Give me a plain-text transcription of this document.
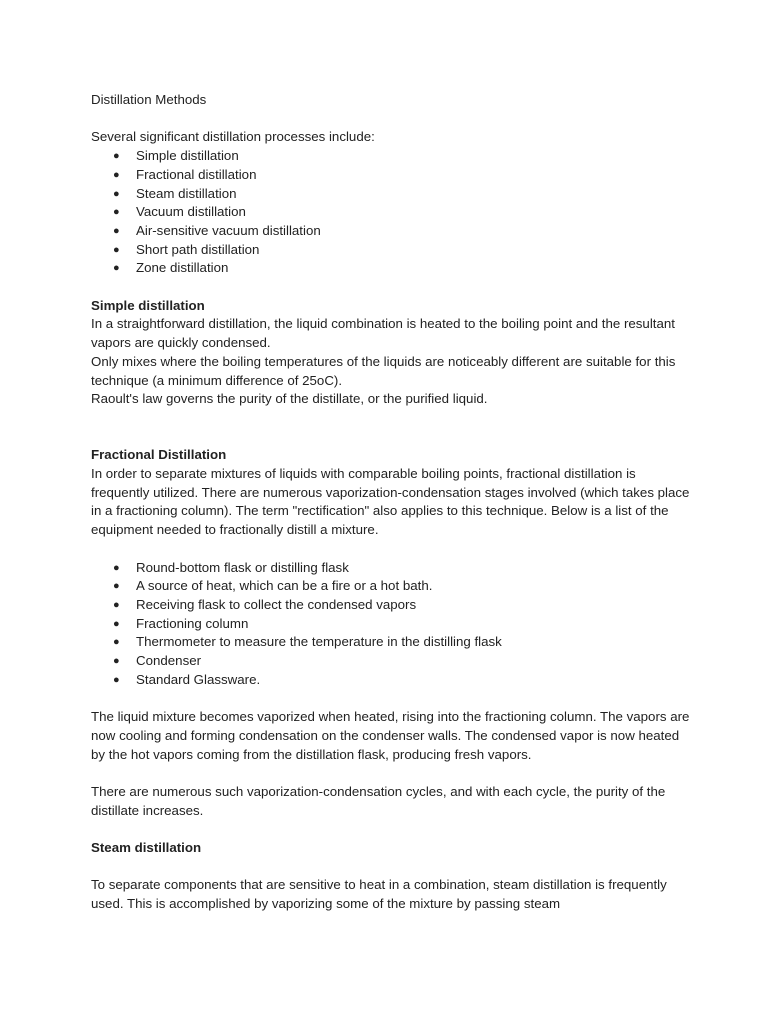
Distillation Methods

Several significant distillation processes include:

● Simple distillation
● Fractional distillation
● Steam distillation
● Vacuum distillation
● Air-sensitive vacuum distillation
● Short path distillation
● Zone distillation

Simple distillation

In a straightforward distillation, the liquid combination is heated to the boiling point and the resultant vapors are quickly condensed.

Only mixes where the boiling temperatures of the liquids are noticeably different are suitable for this technique (a minimum difference of 25oC).

Raoult's law governs the purity of the distillate, or the purified liquid.

Fractional Distillation

In order to separate mixtures of liquids with comparable boiling points, fractional distillation is frequently utilized. There are numerous vaporization-condensation stages involved (which takes place in a fractioning column). The term "rectification" also applies to this technique. Below is a list of the equipment needed to fractionally distill a mixture.

● Round-bottom flask or distilling flask
● A source of heat, which can be a fire or a hot bath.
● Receiving flask to collect the condensed vapors
● Fractioning column
● Thermometer to measure the temperature in the distilling flask
● Condenser
● Standard Glassware.

The liquid mixture becomes vaporized when heated, rising into the fractioning column. The vapors are now cooling and forming condensation on the condenser walls. The condensed vapor is now heated by the hot vapors coming from the distillation flask, producing fresh vapors.

There are numerous such vaporization-condensation cycles, and with each cycle, the purity of the distillate increases.

Steam distillation

To separate components that are sensitive to heat in a combination, steam distillation is frequently used. This is accomplished by vaporizing some of the mixture by passing steam
